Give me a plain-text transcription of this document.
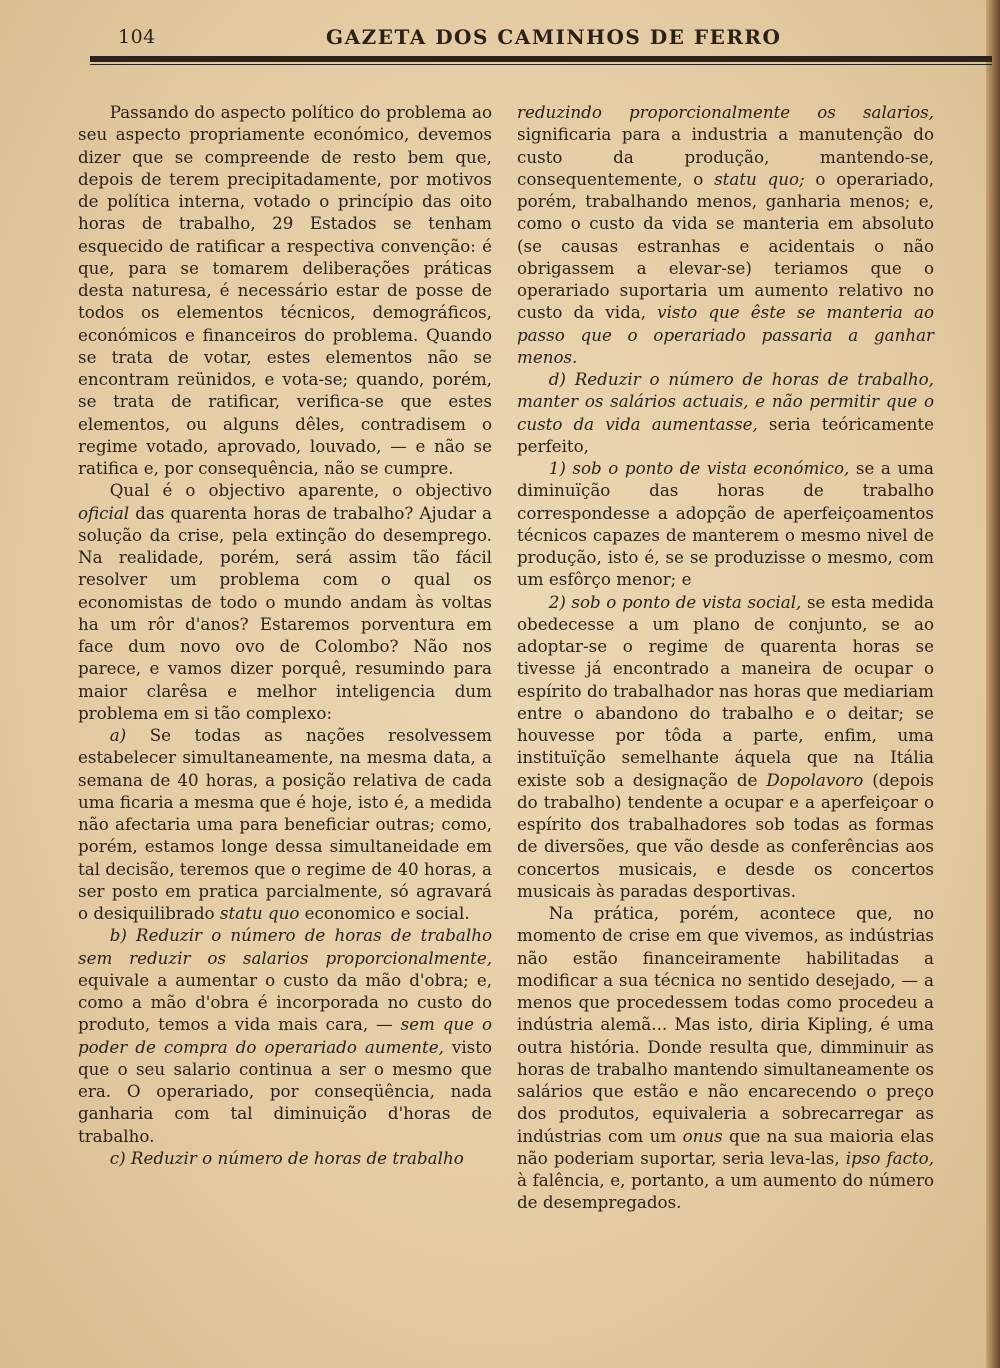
104	GAZETA DOS CAMINHOS DE FERRO

Passando do aspecto político do problema ao seu aspecto propriamente económico, devemos dizer que se compreende de resto bem que, depois de terem precipitadamente, por motivos de política interna, votado o princípio das oito horas de trabalho, 29 Estados se tenham esquecido de ratificar a respectiva convenção: é que, para se tomarem deliberações práticas desta naturesa, é necessário estar de posse de todos os elementos técnicos, demográficos, económicos e financeiros do problema. Quando se trata de votar, estes elementos não se encontram reünidos, e vota-se; quando, porém, se trata de ratificar, verifica-se que estes elementos, ou alguns dêles, contradisem o regime votado, aprovado, louvado, — e não se ratifica e, por consequência, não se cumpre.

Qual é o objectivo aparente, o objectivo oficial das quarenta horas de trabalho? Ajudar a solução da crise, pela extinção do desemprego. Na realidade, porém, será assim tão fácil resolver um problema com o qual os economistas de todo o mundo andam às voltas ha um rôr d'anos? Estaremos porventura em face dum novo ovo de Colombo? Não nos parece, e vamos dizer porquê, resumindo para maior clarêsa e melhor inteligencia dum problema em si tão complexo:

a) Se todas as nações resolvessem estabelecer simultaneamente, na mesma data, a semana de 40 horas, a posição relativa de cada uma ficaria a mesma que é hoje, isto é, a medida não afectaria uma para beneficiar outras; como, porém, estamos longe dessa simultaneidade em tal decisão, teremos que o regime de 40 horas, a ser posto em pratica parcialmente, só agravará o desiquilibrado statu quo economico e social.

b) Reduzir o número de horas de trabalho sem reduzir os salarios proporcionalmente, equivale a aumentar o custo da mão d'obra; e, como a mão d'obra é incorporada no custo do produto, temos a vida mais cara, — sem que o poder de compra do operariado aumente, visto que o seu salario continua a ser o mesmo que era. O operariado, por conseqüência, nada ganharia com tal diminuição d'horas de trabalho.

c) Reduzir o número de horas de trabalho

reduzindo proporcionalmente os salarios, significaria para a industria a manutenção do custo da produção, mantendo-se, consequentemente, o statu quo; o operariado, porém, trabalhando menos, ganharia menos; e, como o custo da vida se manteria em absoluto (se causas estranhas e acidentais o não obrigassem a elevar-se) teriamos que o operariado suportaria um aumento relativo no custo da vida, visto que êste se manteria ao passo que o operariado passaria a ganhar menos.

d) Reduzir o número de horas de trabalho, manter os salários actuais, e não permitir que o custo da vida aumentasse, seria teóricamente perfeito,

1) sob o ponto de vista económico, se a uma diminuïção das horas de trabalho correspondesse a adopção de aperfeiçoamentos técnicos capazes de manterem o mesmo nivel de produção, isto é, se se produzisse o mesmo, com um esfôrço menor; e

2) sob o ponto de vista social, se esta medida obedecesse a um plano de conjunto, se ao adoptar-se o regime de quarenta horas se tivesse já encontrado a maneira de ocupar o espírito do trabalhador nas horas que mediariam entre o abandono do trabalho e o deitar; se houvesse por tôda a parte, enfim, uma instituïção semelhante áquela que na Itália existe sob a designação de Dopolavoro (depois do trabalho) tendente a ocupar e a aperfeiçoar o espírito dos trabalhadores sob todas as formas de diversões, que vão desde as conferências aos concertos musicais, e desde os concertos musicais às paradas desportivas.

Na prática, porém, acontece que, no momento de crise em que vivemos, as indústrias não estão financeiramente habilitadas a modificar a sua técnica no sentido desejado, — a menos que procedessem todas como procedeu a indústria alemã... Mas isto, diria Kipling, é uma outra história. Donde resulta que, dimminuir as horas de trabalho mantendo simultaneamente os salários que estão e não encarecendo o preço dos produtos, equivaleria a sobrecarregar as indústrias com um onus que na sua maioria elas não poderiam suportar, seria leva-las, ipso facto, à falência, e, portanto, a um aumento do número de desempregados.
